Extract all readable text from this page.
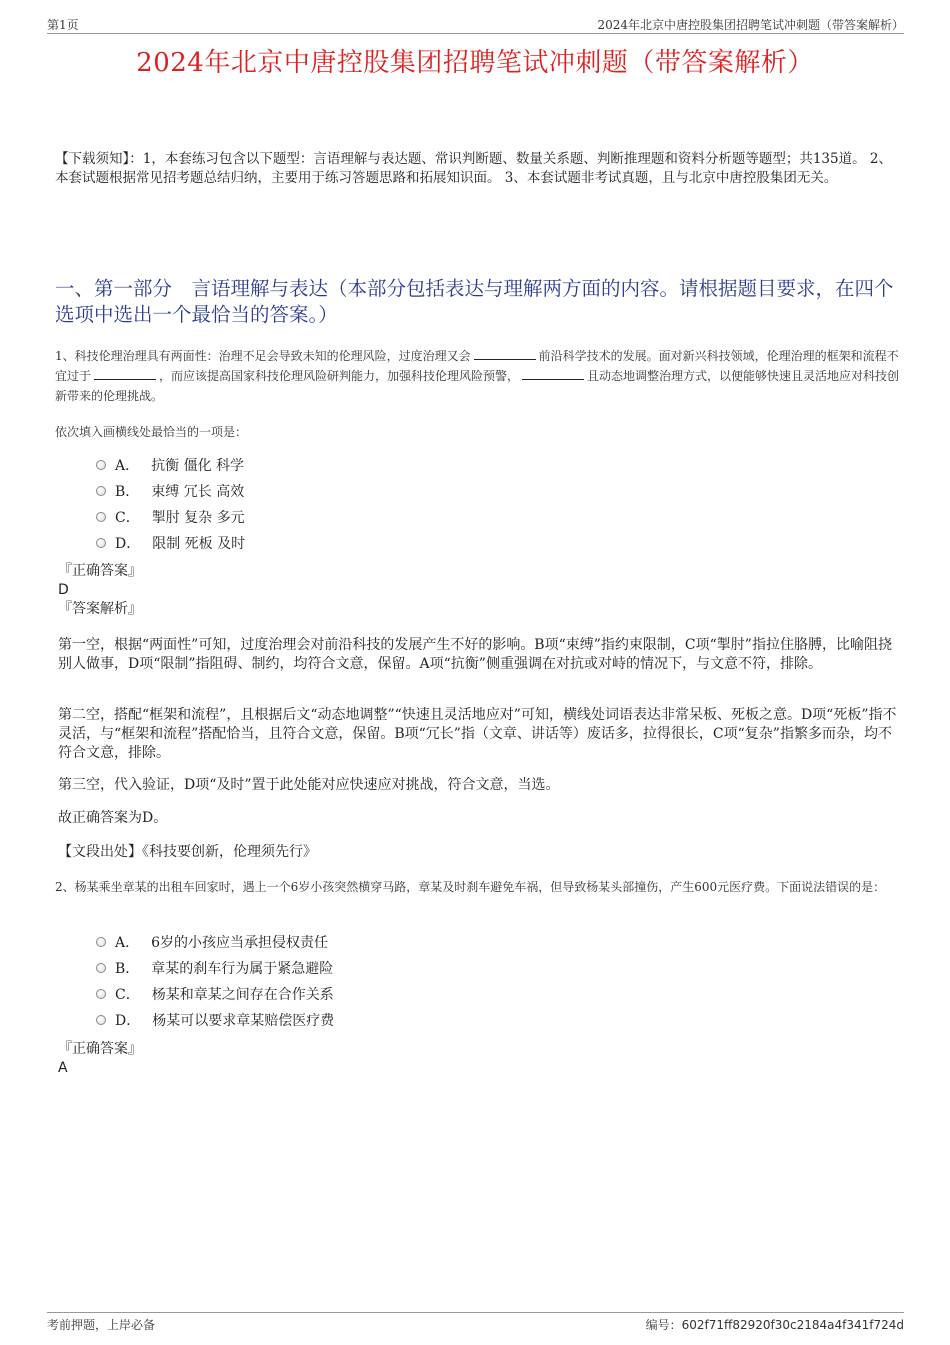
第1页	2024年北京中唐控股集团招聘笔试冲刺题（带答案解析）
2024年北京中唐控股集团招聘笔试冲刺题（带答案解析）
【下载须知】：1，本套练习包含以下题型：言语理解与表达题、常识判断题、数量关系题、判断推理题和资料分析题等题型；共135道。 2、本套试题根据常见招考题总结归纳，主要用于练习答题思路和拓展知识面。 3、本套试题非考试真题，且与北京中唐控股集团无关。
一、第一部分　言语理解与表达（本部分包括表达与理解两方面的内容。请根据题目要求，在四个选项中选出一个最恰当的答案。）
1、科技伦理治理具有两面性：治理不足会导致未知的伦理风险，过度治理又会	前沿科学技术的发展。面对新兴科技领域，伦理治理的框架和流程不宜过于	，而应该提高国家科技伦理风险研判能力，加强科技伦理风险预警，	且动态地调整治理方式，以便能够快速且灵活地应对科技创新带来的伦理挑战。
依次填入画横线处最恰当的一项是：
A． 抗衡 僵化 科学
B． 束缚 冗长 高效
C． 掣肘 复杂 多元
D． 限制 死板 及时
『正确答案』
D
『答案解析』

第一空，根据“两面性”可知，过度治理会对前沿科技的发展产生不好的影响。B项“束缚”指约束限制，C项“掣肘”指拉住胳膊，比喻阻挠别人做事，D项“限制”指阻碍、制约，均符合文意，保留。A项“抗衡”侧重强调在对抗或对峙的情况下，与文意不符，排除。

第二空，搭配“框架和流程”，且根据后文“动态地调整”“快速且灵活地应对”可知，横线处词语表达非常呆板、死板之意。D项“死板”指不灵活，与“框架和流程”搭配恰当，且符合文意，保留。B项“冗长”指（文章、讲话等）废话多，拉得很长，C项“复杂”指繁多而杂，均不符合文意，排除。

第三空，代入验证，D项“及时”置于此处能对应快速应对挑战，符合文意，当选。

故正确答案为D。

【文段出处】《科技要创新，伦理须先行》

2、杨某乘坐章某的出租车回家时，遇上一个6岁小孩突然横穿马路，章某及时刹车避免车祸，但导致杨某头部撞伤，产生600元医疗费。下面说法错误的是：
A． 6岁的小孩应当承担侵权责任
B． 章某的刹车行为属于紧急避险
C． 杨某和章某之间存在合作关系
D． 杨某可以要求章某赔偿医疗费
『正确答案』
A
考前押题，上岸必备	编号：602f71ff82920f30c2184a4f341f724d
